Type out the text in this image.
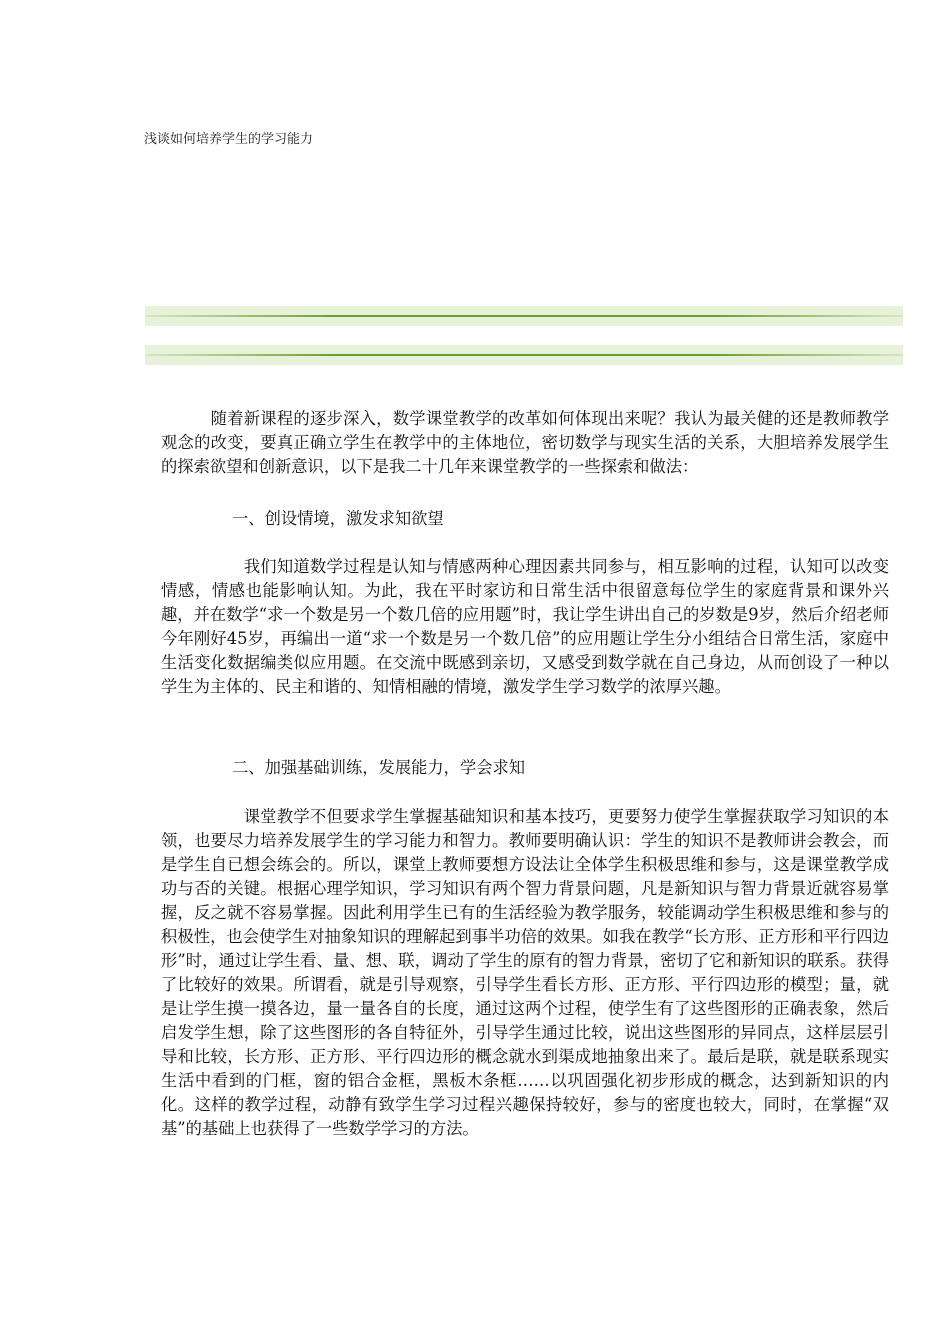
浅谈如何培养学生的学习能力

　　　随着新课程的逐步深入，数学课堂教学的改革如何体现出来呢？我认为最关健的还是教师教学观念的改变，要真正确立学生在教学中的主体地位，密切数学与现实生活的关系，大胆培养发展学生的探索欲望和创新意识，以下是我二十几年来课堂教学的一些探索和做法：

一、创设情境，激发求知欲望

　　　　　我们知道数学过程是认知与情感两种心理因素共同参与，相互影响的过程，认知可以改变情感，情感也能影响认知。为此，我在平时家访和日常生活中很留意每位学生的家庭背景和课外兴趣，并在数学“求一个数是另一个数几倍的应用题”时，我让学生讲出自己的岁数是9岁，然后介绍老师今年刚好45岁，再编出一道“求一个数是另一个数几倍”的应用题让学生分小组结合日常生活，家庭中生活变化数据编类似应用题。在交流中既感到亲切，又感受到数学就在自己身边，从而创设了一种以学生为主体的、民主和谐的、知情相融的情境，激发学生学习数学的浓厚兴趣。

二、加强基础训练，发展能力，学会求知

　　　　　课堂教学不但要求学生掌握基础知识和基本技巧，更要努力使学生掌握获取学习知识的本领，也要尽力培养发展学生的学习能力和智力。教师要明确认识：学生的知识不是教师讲会教会，而是学生自已想会练会的。所以，课堂上教师要想方设法让全体学生积极思维和参与，这是课堂教学成功与否的关键。根据心理学知识，学习知识有两个智力背景问题，凡是新知识与智力背景近就容易掌握，反之就不容易掌握。因此利用学生已有的生活经验为教学服务，较能调动学生积极思维和参与的积极性，也会使学生对抽象知识的理解起到事半功倍的效果。如我在教学“长方形、正方形和平行四边形”时，通过让学生看、量、想、联，调动了学生的原有的智力背景，密切了它和新知识的联系。获得了比较好的效果。所谓看，就是引导观察，引导学生看长方形、正方形、平行四边形的模型；量，就是让学生摸一摸各边，量一量各自的长度，通过这两个过程，使学生有了这些图形的正确表象，然后启发学生想，除了这些图形的各自特征外，引导学生通过比较，说出这些图形的异同点，这样层层引导和比较，长方形、正方形、平行四边形的概念就水到渠成地抽象出来了。最后是联，就是联系现实生活中看到的门框，窗的铝合金框，黑板木条框……以巩固强化初步形成的概念，达到新知识的内化。这样的教学过程，动静有致学生学习过程兴趣保持较好，参与的密度也较大，同时，在掌握“双基”的基础上也获得了一些数学学习的方法。
